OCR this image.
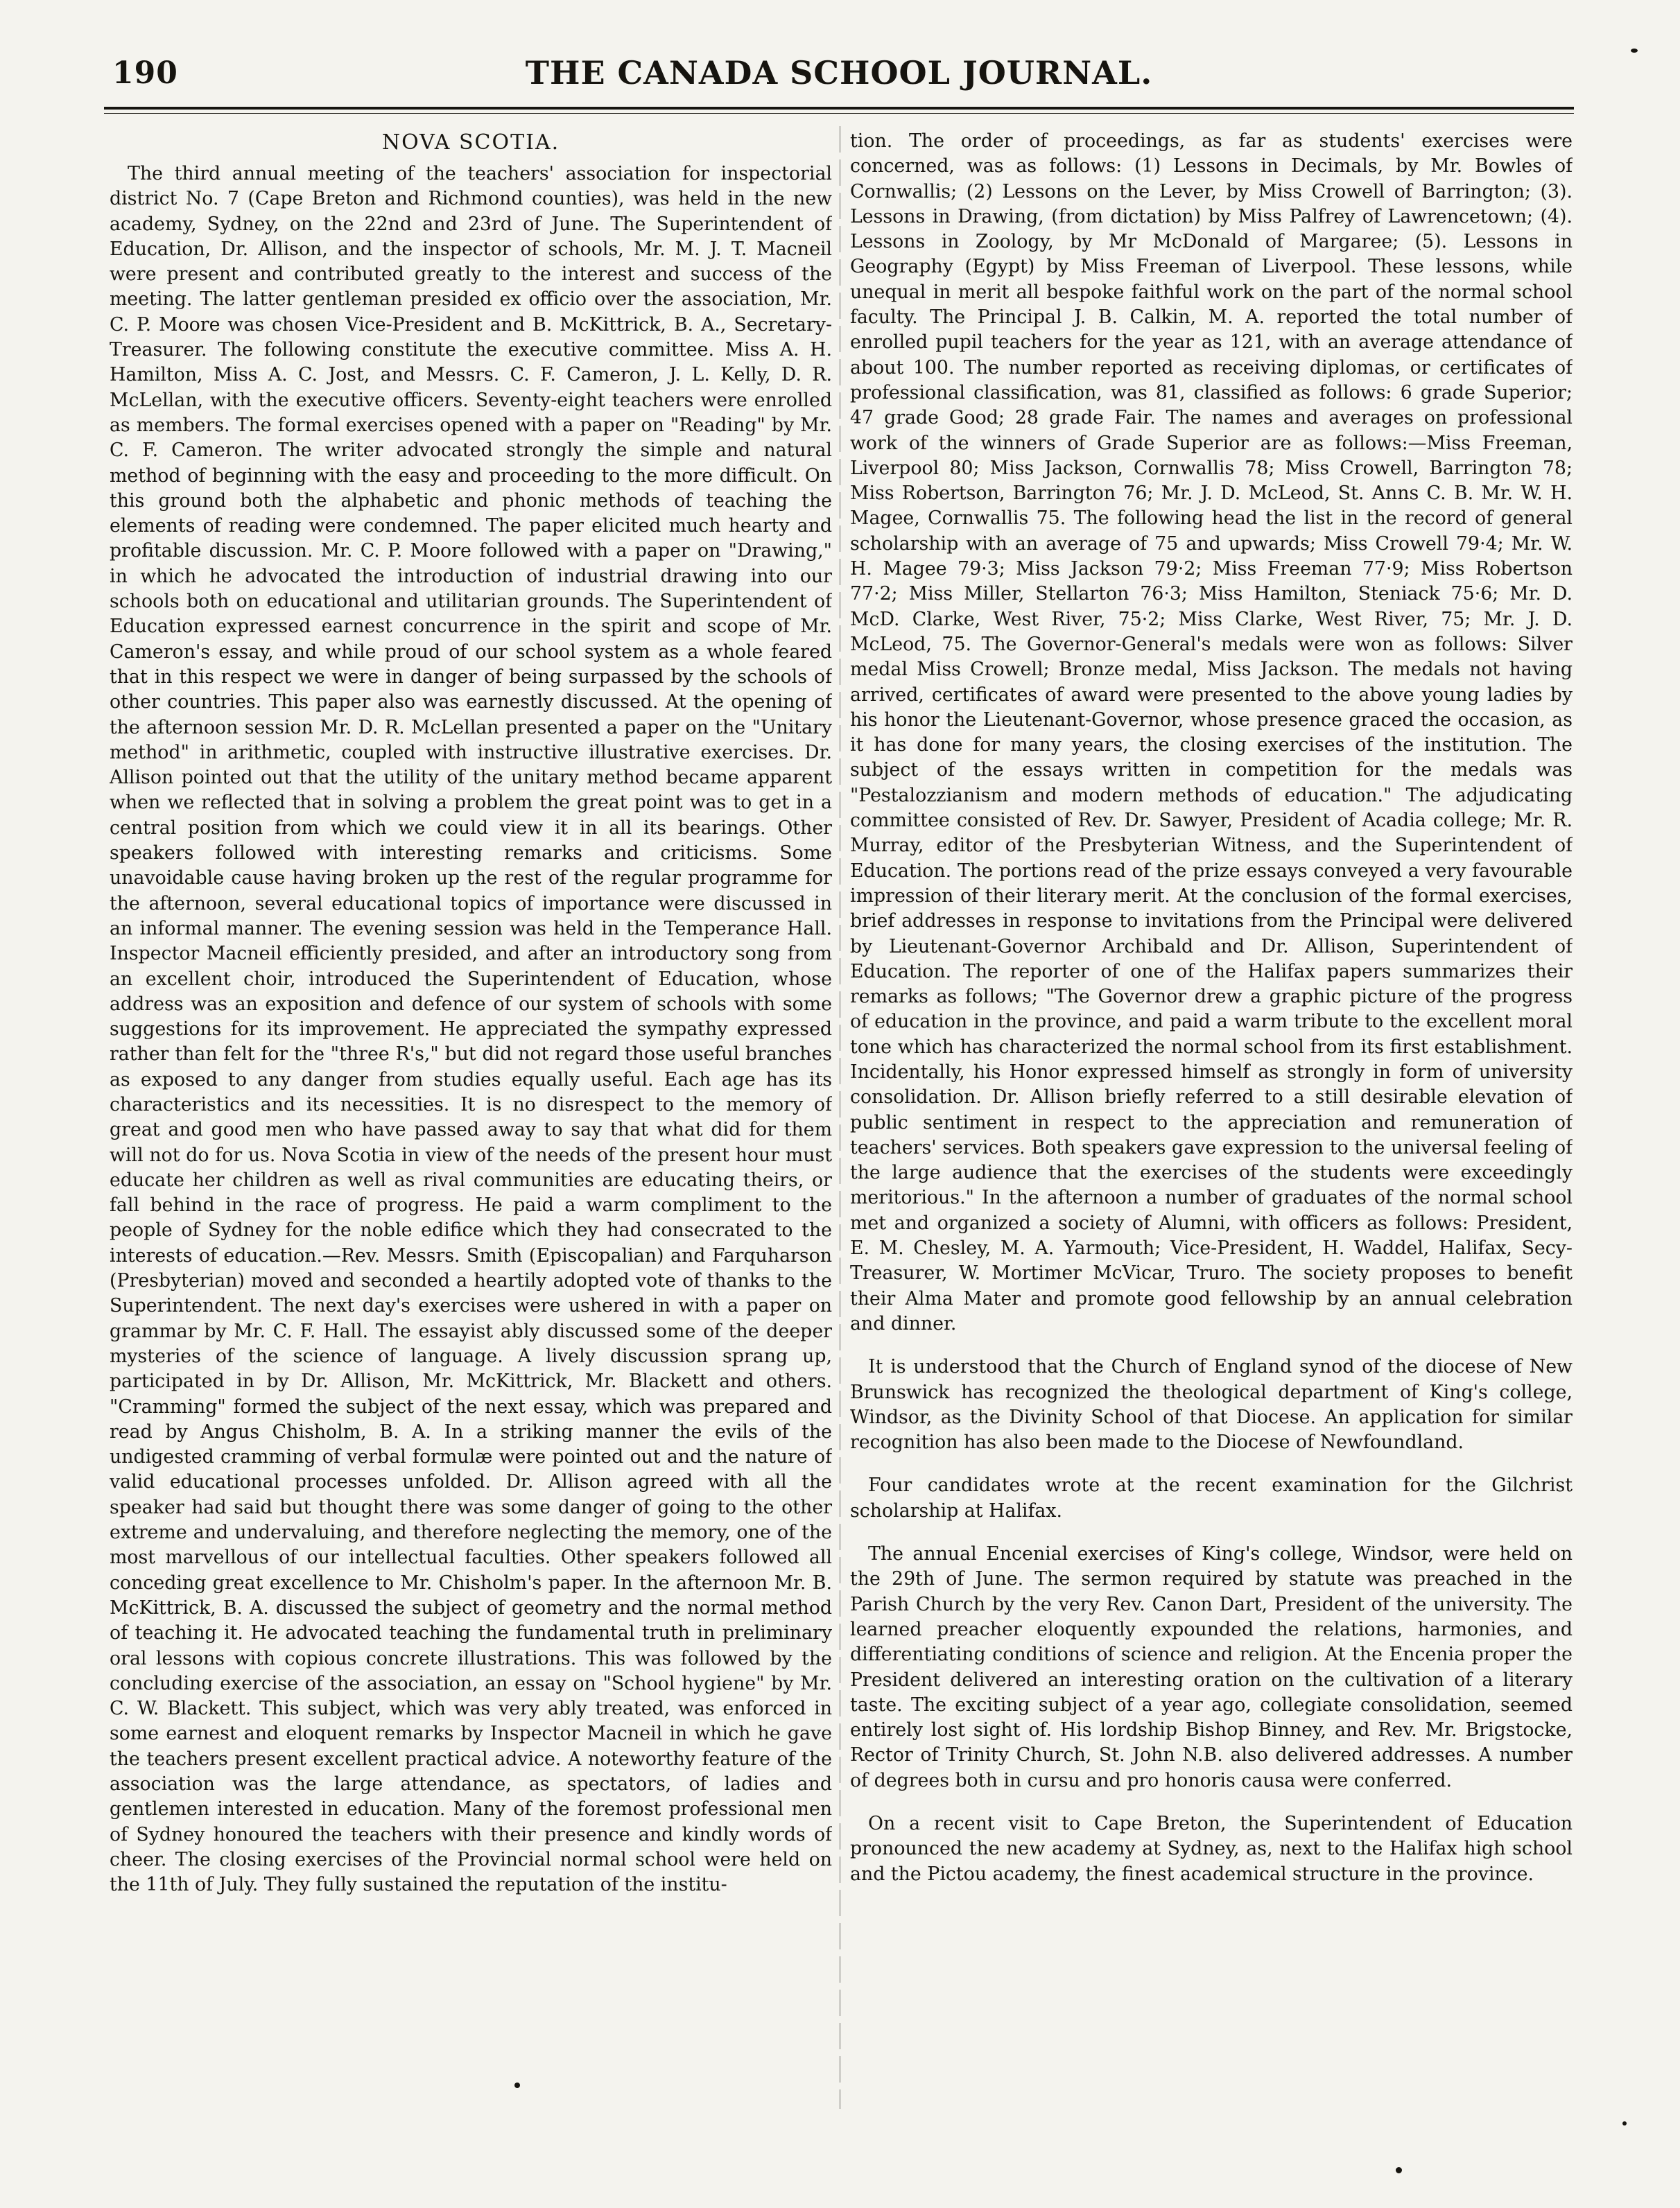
190	THE CANADA SCHOOL JOURNAL.
NOVA SCOTIA.

The third annual meeting of the teachers' association for inspectorial district No. 7 (Cape Breton and Richmond counties), was held in the new academy, Sydney, on the 22nd and 23rd of June. The Superintendent of Education, Dr. Allison, and the inspector of schools, Mr. M. J. T. Macneil were present and contributed greatly to the interest and success of the meeting. The latter gentleman presided ex officio over the association, Mr. C. P. Moore was chosen Vice-President and B. McKittrick, B. A., Secretary-Treasurer. The following constitute the executive committee. Miss A. H. Hamilton, Miss A. C. Jost, and Messrs. C. F. Cameron, J. L. Kelly, D. R. McLellan, with the executive officers. Seventy-eight teachers were enrolled as members. The formal exercises opened with a paper on "Reading" by Mr. C. F. Cameron. The writer advocated strongly the simple and natural method of beginning with the easy and proceeding to the more difficult. On this ground both the alphabetic and phonic methods of teaching the elements of reading were condemned. The paper elicited much hearty and profitable discussion. Mr. C. P. Moore followed with a paper on "Drawing," in which he advocated the introduction of industrial drawing into our schools both on educational and utilitarian grounds. The Superintendent of Education expressed earnest concurrence in the spirit and scope of Mr. Cameron's essay, and while proud of our school system as a whole feared that in this respect we were in danger of being surpassed by the schools of other countries. This paper also was earnestly discussed. At the opening of the afternoon session Mr. D. R. McLellan presented a paper on the "Unitary method" in arithmetic, coupled with instructive illustrative exercises. Dr. Allison pointed out that the utility of the unitary method became apparent when we reflected that in solving a problem the great point was to get in a central position from which we could view it in all its bearings. Other speakers followed with interesting remarks and criticisms. Some unavoidable cause having broken up the rest of the regular programme for the afternoon, several educational topics of importance were discussed in an informal manner. The evening session was held in the Temperance Hall. Inspector Macneil efficiently presided, and after an introductory song from an excellent choir, introduced the Superintendent of Education, whose address was an exposition and defence of our system of schools with some suggestions for its improvement. He appreciated the sympathy expressed rather than felt for the "three R's," but did not regard those useful branches as exposed to any danger from studies equally useful. Each age has its characteristics and its necessities. It is no disrespect to the memory of great and good men who have passed away to say that what did for them will not do for us. Nova Scotia in view of the needs of the present hour must educate her children as well as rival communities are educating theirs, or fall behind in the race of progress. He paid a warm compliment to the people of Sydney for the noble edifice which they had consecrated to the interests of education.—Rev. Messrs. Smith (Episcopalian) and Farquharson (Presbyterian) moved and seconded a heartily adopted vote of thanks to the Superintendent. The next day's exercises were ushered in with a paper on grammar by Mr. C. F. Hall. The essayist ably discussed some of the deeper mysteries of the science of language. A lively discussion sprang up, participated in by Dr. Allison, Mr. McKittrick, Mr. Blackett and others. "Cramming" formed the subject of the next essay, which was prepared and read by Angus Chisholm, B. A. In a striking manner the evils of the undigested cramming of verbal formulæ were pointed out and the nature of valid educational processes unfolded. Dr. Allison agreed with all the speaker had said but thought there was some danger of going to the other extreme and undervaluing, and therefore neglecting the memory, one of the most marvellous of our intellectual faculties. Other speakers followed all conceding great excellence to Mr. Chisholm's paper. In the afternoon Mr. B. McKittrick, B. A. discussed the subject of geometry and the normal method of teaching it. He advocated teaching the fundamental truth in preliminary oral lessons with copious concrete illustrations. This was followed by the concluding exercise of the association, an essay on "School hygiene" by Mr. C. W. Blackett. This subject, which was very ably treated, was enforced in some earnest and eloquent remarks by Inspector Macneil in which he gave the teachers present excellent practical advice. A noteworthy feature of the association was the large attendance, as spectators, of ladies and gentlemen interested in education. Many of the foremost professional men of Sydney honoured the teachers with their presence and kindly words of cheer. The closing exercises of the Provincial normal school were held on the 11th of July. They fully sustained the reputation of the institu-

tion. The order of proceedings, as far as students' exercises were concerned, was as follows: (1) Lessons in Decimals, by Mr. Bowles of Cornwallis; (2) Lessons on the Lever, by Miss Crowell of Barrington; (3). Lessons in Drawing, (from dictation) by Miss Palfrey of Lawrencetown; (4). Lessons in Zoology, by Mr McDonald of Margaree; (5). Lessons in Geography (Egypt) by Miss Freeman of Liverpool. These lessons, while unequal in merit all bespoke faithful work on the part of the normal school faculty. The Principal J. B. Calkin, M. A. reported the total number of enrolled pupil teachers for the year as 121, with an average attendance of about 100. The number reported as receiving diplomas, or certificates of professional classification, was 81, classified as follows: 6 grade Superior; 47 grade Good; 28 grade Fair. The names and averages on professional work of the winners of Grade Superior are as follows:—Miss Freeman, Liverpool 80; Miss Jackson, Cornwallis 78; Miss Crowell, Barrington 78; Miss Robertson, Barrington 76; Mr. J. D. McLeod, St. Anns C. B. Mr. W. H. Magee, Cornwallis 75. The following head the list in the record of general scholarship with an average of 75 and upwards; Miss Crowell 79·4; Mr. W. H. Magee 79·3; Miss Jackson 79·2; Miss Freeman 77·9; Miss Robertson 77·2; Miss Miller, Stellarton 76·3; Miss Hamilton, Steniack 75·6; Mr. D. McD. Clarke, West River, 75·2; Miss Clarke, West River, 75; Mr. J. D. McLeod, 75. The Governor-General's medals were won as follows: Silver medal Miss Crowell; Bronze medal, Miss Jackson. The medals not having arrived, certificates of award were presented to the above young ladies by his honor the Lieutenant-Governor, whose presence graced the occasion, as it has done for many years, the closing exercises of the institution. The subject of the essays written in competition for the medals was "Pestalozzianism and modern methods of education." The adjudicating committee consisted of Rev. Dr. Sawyer, President of Acadia college; Mr. R. Murray, editor of the Presbyterian Witness, and the Superintendent of Education. The portions read of the prize essays conveyed a very favourable impression of their literary merit. At the conclusion of the formal exercises, brief addresses in response to invitations from the Principal were delivered by Lieutenant-Governor Archibald and Dr. Allison, Superintendent of Education. The reporter of one of the Halifax papers summarizes their remarks as follows; "The Governor drew a graphic picture of the progress of education in the province, and paid a warm tribute to the excellent moral tone which has characterized the normal school from its first establishment. Incidentally, his Honor expressed himself as strongly in form of university consolidation. Dr. Allison briefly referred to a still desirable elevation of public sentiment in respect to the appreciation and remuneration of teachers' services. Both speakers gave expression to the universal feeling of the large audience that the exercises of the students were exceedingly meritorious." In the afternoon a number of graduates of the normal school met and organized a society of Alumni, with officers as follows: President, E. M. Chesley, M. A. Yarmouth; Vice-President, H. Waddel, Halifax, Secy-Treasurer, W. Mortimer McVicar, Truro. The society proposes to benefit their Alma Mater and promote good fellowship by an annual celebration and dinner.

It is understood that the Church of England synod of the diocese of New Brunswick has recognized the theological department of King's college, Windsor, as the Divinity School of that Diocese. An application for similar recognition has also been made to the Diocese of Newfoundland.

Four candidates wrote at the recent examination for the Gilchrist scholarship at Halifax.

The annual Encenial exercises of King's college, Windsor, were held on the 29th of June. The sermon required by statute was preached in the Parish Church by the very Rev. Canon Dart, President of the university. The learned preacher eloquently expounded the relations, harmonies, and differentiating conditions of science and religion. At the Encenia proper the President delivered an interesting oration on the cultivation of a literary taste. The exciting subject of a year ago, collegiate consolidation, seemed entirely lost sight of. His lordship Bishop Binney, and Rev. Mr. Brigstocke, Rector of Trinity Church, St. John N.B. also delivered addresses. A number of degrees both in cursu and pro honoris causa were conferred.

On a recent visit to Cape Breton, the Superintendent of Education pronounced the new academy at Sydney, as, next to the Halifax high school and the Pictou academy, the finest academical structure in the province.
